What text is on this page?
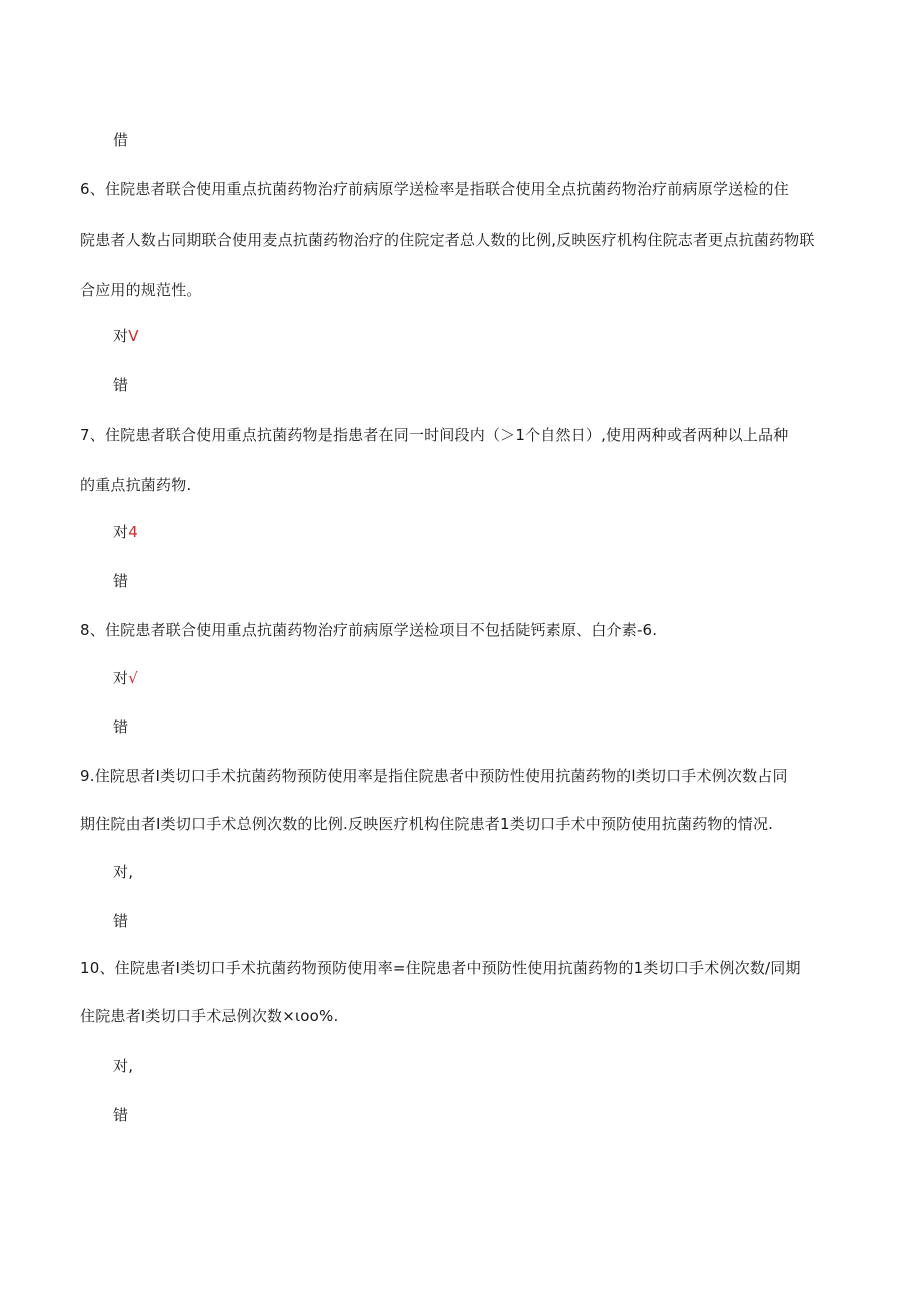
借
6、住院患者联合使用重点抗菌药物治疗前病原学送检率是指联合使用全点抗菌药物治疗前病原学送检的住
院患者人数占同期联合使用麦点抗菌药物治疗的住院定者总人数的比例,反映医疗机构住院志者更点抗菌药物联
合应用的规范性。
对V
错
7、住院患者联合使用重点抗菌药物是指患者在同一时间段内（＞1个自然日）,使用两种或者两种以上品种
的重点抗菌药物.
对4
错
8、住院患者联合使用重点抗菌药物治疗前病原学送检项目不包括陡钙素原、白介素-6.
对√
错
9.住院思者I类切口手术抗菌药物预防使用率是指住院患者中预防性使用抗菌药物的l类切口手术例次数占同
期住院由者I类切口手术总例次数的比例.反映医疗机构住院患者1类切口手术中预防使用抗菌药物的情况.
对,
错
10、住院患者I类切口手术抗菌药物预防使用率=住院患者中预防性使用抗菌药物的1类切口手术例次数/同期
住院患者I类切口手术忌例次数×ιoo%.
对,
错
